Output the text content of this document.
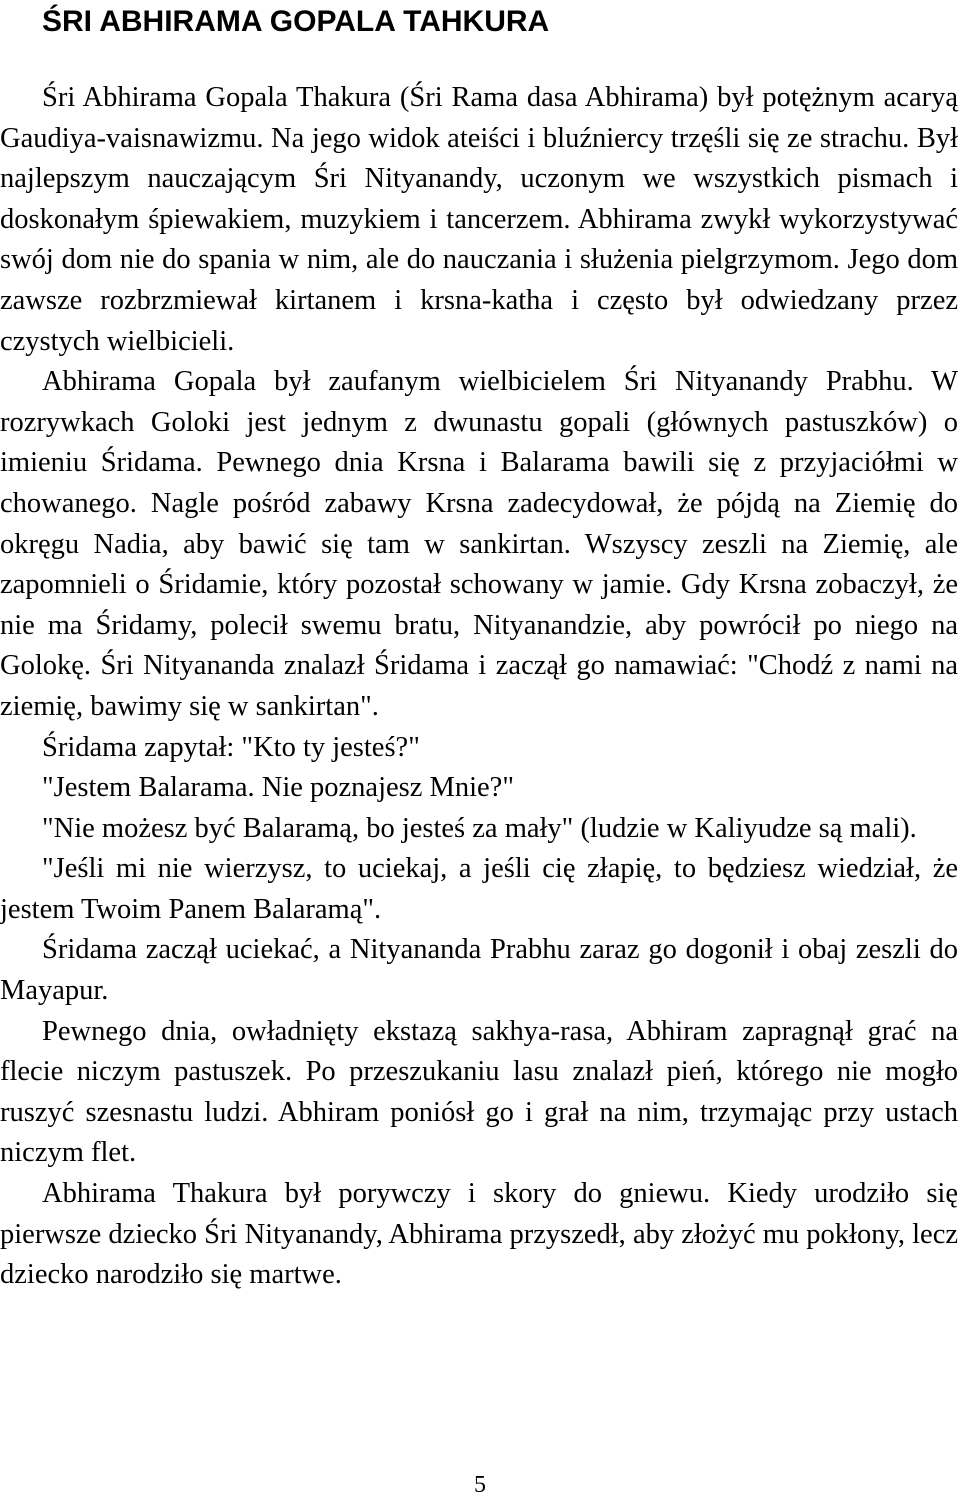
ŚRI ABHIRAMA GOPALA TAHKURA

Śri Abhirama Gopala Thakura (Śri Rama dasa Abhirama) był potężnym acaryą Gaudiya-vaisnawizmu. Na jego widok ateiści i bluźniercy trzęśli się ze strachu. Był najlepszym nauczającym Śri Nityanandy, uczonym we wszystkich pismach i doskonałym śpiewakiem, muzykiem i tancerzem. Abhirama zwykł wykorzystywać swój dom nie do spania w nim, ale do nauczania i służenia pielgrzymom. Jego dom zawsze rozbrzmiewał kirtanem i krsna-katha i często był odwiedzany przez czystych wielbicieli.

Abhirama Gopala był zaufanym wielbicielem Śri Nityanandy Prabhu. W rozrywkach Goloki jest jednym z dwunastu gopali (głównych pastuszków) o imieniu Śridama. Pewnego dnia Krsna i Balarama bawili się z przyjaciółmi w chowanego. Nagle pośród zabawy Krsna zadecydował, że pójdą na Ziemię do okręgu Nadia, aby bawić się tam w sankirtan. Wszyscy zeszli na Ziemię, ale zapomnieli o Śridamie, który pozostał schowany w jamie. Gdy Krsna zobaczył, że nie ma Śridamy, polecił swemu bratu, Nityanandzie, aby powrócił po niego na Golokę. Śri Nityananda znalazł Śridama i zaczął go namawiać: "Chodź z nami na ziemię, bawimy się w sankirtan".

Śridama zapytał: "Kto ty jesteś?"

"Jestem Balarama. Nie poznajesz Mnie?"

"Nie możesz być Balaramą, bo jesteś za mały" (ludzie w Kaliyudze są mali).

"Jeśli mi nie wierzysz, to uciekaj, a jeśli cię złapię, to będziesz wiedział, że jestem Twoim Panem Balaramą".

Śridama zaczął uciekać, a Nityananda Prabhu zaraz go dogonił i obaj zeszli do Mayapur.

Pewnego dnia, owładnięty ekstazą sakhya-rasa, Abhiram zapragnął grać na flecie niczym pastuszek. Po przeszukaniu lasu znalazł pień, którego nie mogło ruszyć szesnastu ludzi. Abhiram poniósł go i grał na nim, trzymając przy ustach niczym flet.

Abhirama Thakura był porywczy i skory do gniewu. Kiedy urodziło się pierwsze dziecko Śri Nityanandy, Abhirama przyszedł, aby złożyć mu pokłony, lecz dziecko narodziło się martwe.

5
